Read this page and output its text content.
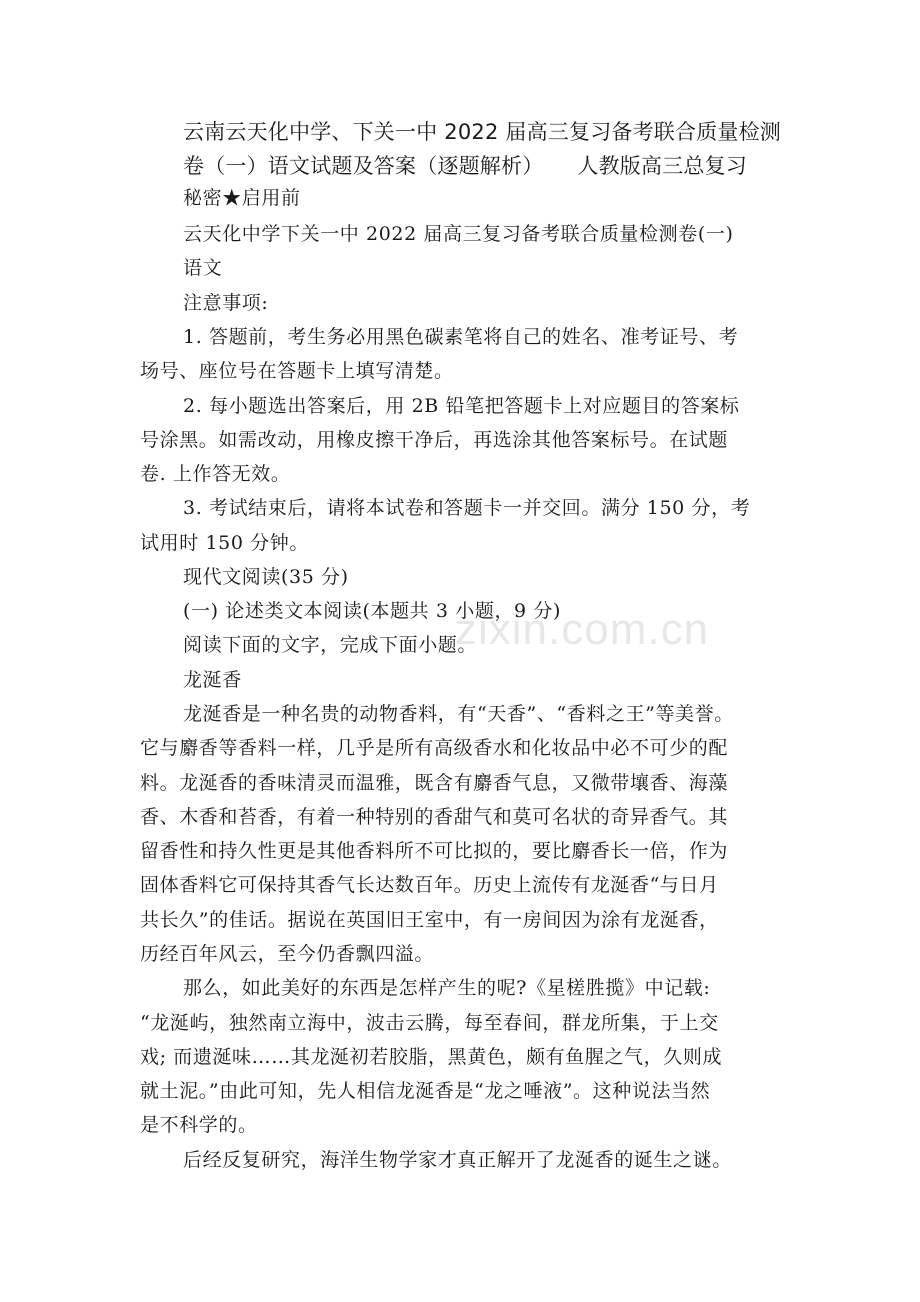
云南云天化中学、下关一中 2022 届高三复习备考联合质量检测
卷（一）语文试题及答案（逐题解析） 人教版高三总复习
秘密★启用前
云天化中学下关一中 2022 届高三复习备考联合质量检测卷(一)
语文
注意事项:
1. 答题前，考生务必用黑色碳素笔将自己的姓名、准考证号、考
场号、座位号在答题卡上填写清楚。
2. 每小题选出答案后，用 2B 铅笔把答题卡上对应题目的答案标
号涂黑。如需改动，用橡皮擦干净后，再选涂其他答案标号。在试题
卷. 上作答无效。
3. 考试结束后，请将本试卷和答题卡一并交回。满分 150 分，考
试用时 150 分钟。
现代文阅读(35 分)
(一) 论述类文本阅读(本题共 3 小题，9 分)
阅读下面的文字，完成下面小题。
龙涎香
龙涎香是一种名贵的动物香料，有“天香”、“香料之王”等美誉。
它与麝香等香料一样，几乎是所有高级香水和化妆品中必不可少的配
料。龙涎香的香味清灵而温雅，既含有麝香气息，又微带壤香、海藻
香、木香和苔香，有着一种特别的香甜气和莫可名状的奇异香气。其
留香性和持久性更是其他香料所不可比拟的，要比麝香长一倍，作为
固体香料它可保持其香气长达数百年。历史上流传有龙涎香“与日月
共长久”的佳话。据说在英国旧王室中，有一房间因为涂有龙涎香，
历经百年风云，至今仍香飘四溢。
那么，如此美好的东西是怎样产生的呢?《星槎胜揽》中记载:
“龙涎屿，独然南立海中，波击云腾，每至春间，群龙所集，于上交
戏; 而遗涎味……其龙涎初若胶脂，黑黄色，颇有鱼腥之气，久则成
就土泥。”由此可知，先人相信龙涎香是“龙之唾液”。这种说法当然
是不科学的。
后经反复研究，海洋生物学家才真正解开了龙涎香的诞生之谜。
zixin.com.cn
